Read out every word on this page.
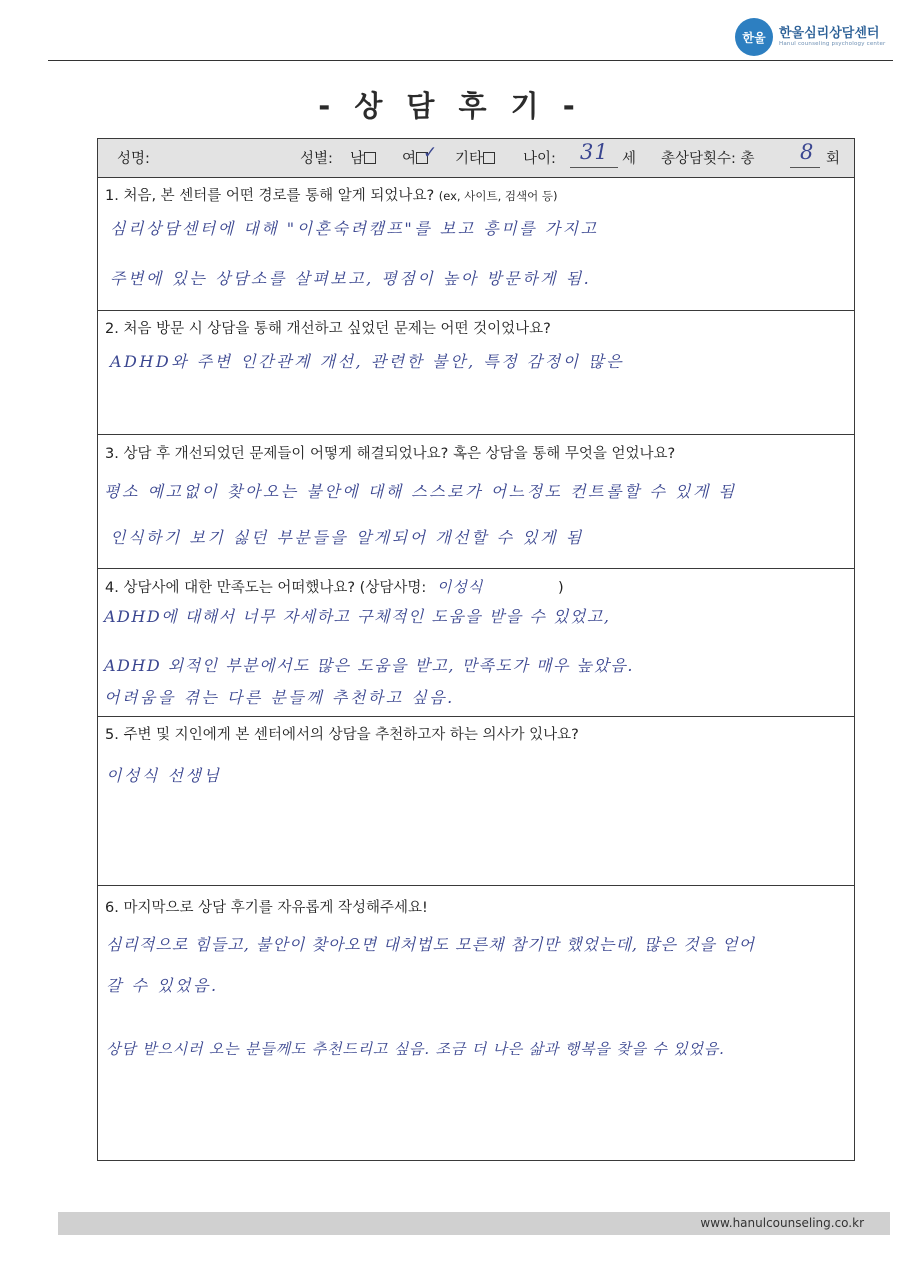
한울	한울심리상담센터
Hanul counseling psychology center
- 상 담 후 기 -
성명:	성별: 남	여 ✓ 기타	나이: 31 세 총상담횟수: 총 8 회
1. 처음, 본 센터를 어떤 경로를 통해 알게 되었나요? (ex, 사이트, 검색어 등)
심리상담센터에 대해 "이혼숙려캠프"를 보고 흥미를 가지고
주변에 있는 상담소를 살펴보고, 평점이 높아 방문하게 됨.
2. 처음 방문 시 상담을 통해 개선하고 싶었던 문제는 어떤 것이었나요?
ADHD와 주변 인간관계 개선, 관련한 불안, 특정 감정이 많은
3. 상담 후 개선되었던 문제들이 어떻게 해결되었나요? 혹은 상담을 통해 무엇을 얻었나요?
평소 예고없이 찾아오는 불안에 대해 스스로가 어느정도 컨트롤할 수 있게 됨
인식하기 보기 싫던 부분들을 알게되어 개선할 수 있게 됨
4. 상담사에 대한 만족도는 어떠했나요? (상담사명: 이성식	)
ADHD에 대해서 너무 자세하고 구체적인 도움을 받을 수 있었고,
ADHD 외적인 부분에서도 많은 도움을 받고, 만족도가 매우 높았음.
어려움을 겪는 다른 분들께 추천하고 싶음.
5. 주변 및 지인에게 본 센터에서의 상담을 추천하고자 하는 의사가 있나요?
이성식 선생님
6. 마지막으로 상담 후기를 자유롭게 작성해주세요!
심리적으로 힘들고, 불안이 찾아오면 대처법도 모른채 참기만 했었는데, 많은 것을 얻어
갈 수 있었음.
상담 받으시러 오는 분들께도 추천드리고 싶음. 조금 더 나은 삶과 행복을 찾을 수 있었음.
www.hanulcounseling.co.kr
